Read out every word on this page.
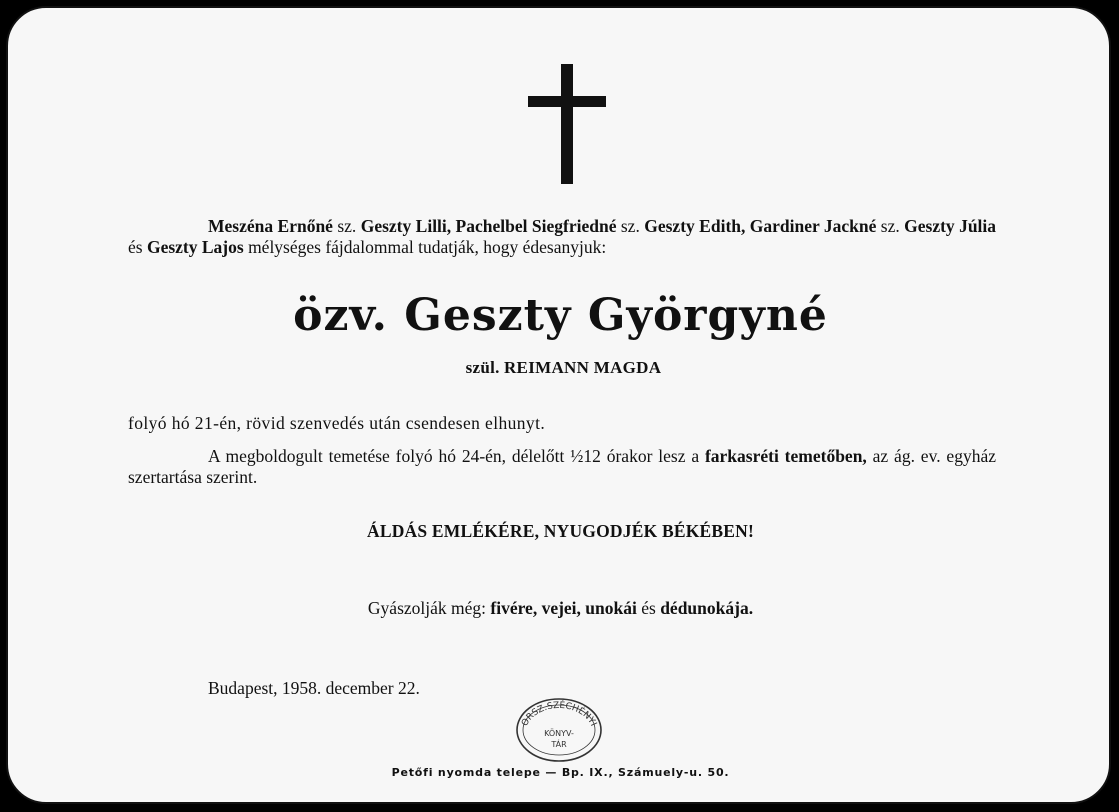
Meszéna Ernőné sz. Geszty Lilli, Pachelbel Siegfriedné sz. Geszty Edith, Gardiner Jackné sz. Geszty Júlia és Geszty Lajos mélységes fájdalommal tudatják, hogy édesanyjuk:
özv. Geszty Györgyné
szül. REIMANN MAGDA
folyó hó 21-én, rövid szenvedés után csendesen elhunyt.
A megboldogult temetése folyó hó 24-én, délelőtt ½12 órakor lesz a farkasréti temetőben, az ág. ev. egyház szertartása szerint.
ÁLDÁS EMLÉKÉRE, NYUGODJÉK BÉKÉBEN!
Gyászolják még: fivére, vejei, unokái és dédunokája.
Budapest, 1958. december 22.
ORSZ.SZÉCHÉNYI
KÖNYV-
TÁR
Petőfi nyomda telepe — Bp. IX., Számuely-u. 50.
